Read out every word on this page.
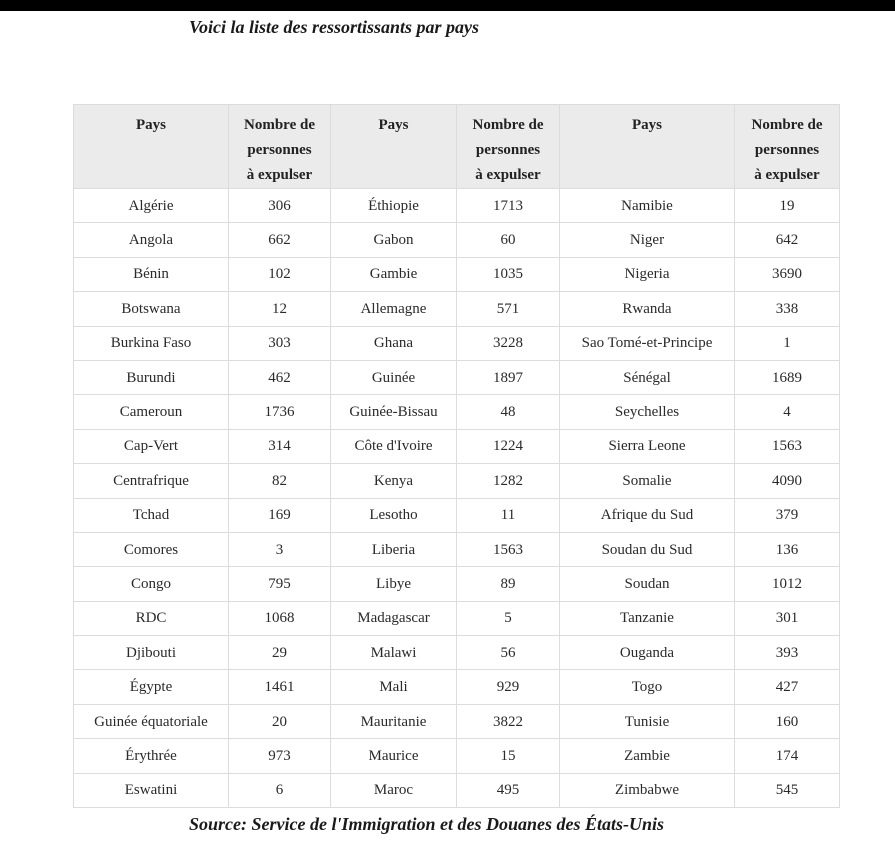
Voici la liste des ressortissants par pays
Pays	Nombre de
personnes
à expulser	Pays	Nombre de
personnes
à expulser	Pays	Nombre de
personnes
à expulser

Algérie	306	Éthiopie	1713	Namibie	19
Angola	662	Gabon	60	Niger	642
Bénin	102	Gambie	1035	Nigeria	3690
Botswana	12	Allemagne	571	Rwanda	338
Burkina Faso	303	Ghana	3228	Sao Tomé-et-Principe	1
Burundi	462	Guinée	1897	Sénégal	1689
Cameroun	1736	Guinée-Bissau	48	Seychelles	4
Cap-Vert	314	Côte d'Ivoire	1224	Sierra Leone	1563
Centrafrique	82	Kenya	1282	Somalie	4090
Tchad	169	Lesotho	11	Afrique du Sud	379
Comores	3	Liberia	1563	Soudan du Sud	136
Congo	795	Libye	89	Soudan	1012
RDC	1068	Madagascar	5	Tanzanie	301
Djibouti	29	Malawi	56	Ouganda	393
Égypte	1461	Mali	929	Togo	427
Guinée équatoriale	20	Mauritanie	3822	Tunisie	160
Érythrée	973	Maurice	15	Zambie	174
Eswatini	6	Maroc	495	Zimbabwe	545
Source: Service de l'Immigration et des Douanes des États-Unis
